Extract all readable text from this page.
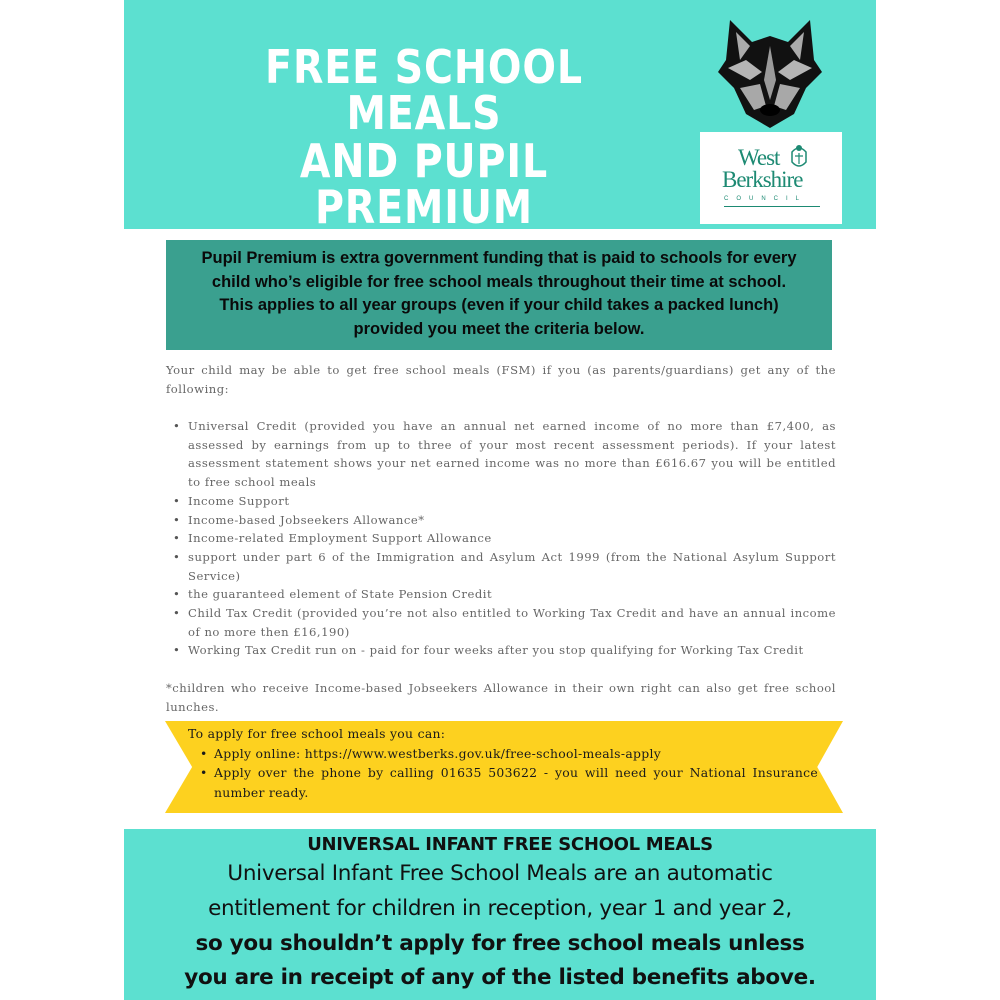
FREE SCHOOL MEALS
AND PUPIL PREMIUM
West
Berkshire
COUNCIL
Pupil Premium is extra government funding that is paid to schools for every
child who’s eligible for free school meals throughout their time at school.
This applies to all year groups (even if your child takes a packed lunch)
provided you meet the criteria below.
Your child may be able to get free school meals (FSM) if you (as parents/guardians) get any of the following:
• Universal Credit (provided you have an annual net earned income of no more than £7,400, as assessed by earnings from up to three of your most recent assessment periods). If your latest assessment statement shows your net earned income was no more than £616.67 you will be entitled to free school meals
• Income Support
• Income-based Jobseekers Allowance*
• Income-related Employment Support Allowance
• support under part 6 of the Immigration and Asylum Act 1999 (from the National Asylum Support Service)
• the guaranteed element of State Pension Credit
• Child Tax Credit (provided you’re not also entitled to Working Tax Credit and have an annual income of no more then £16,190)
• Working Tax Credit run on - paid for four weeks after you stop qualifying for Working Tax Credit
*children who receive Income-based Jobseekers Allowance in their own right can also get free school lunches.
To apply for free school meals you can:
• Apply online: https://www.westberks.gov.uk/free-school-meals-apply
• Apply over the phone by calling 01635 503622 - you will need your National Insurance number ready.
UNIVERSAL INFANT FREE SCHOOL MEALS
Universal Infant Free School Meals are an automatic
entitlement for children in reception, year 1 and year 2,
so you shouldn’t apply for free school meals unless
you are in receipt of any of the listed benefits above.
